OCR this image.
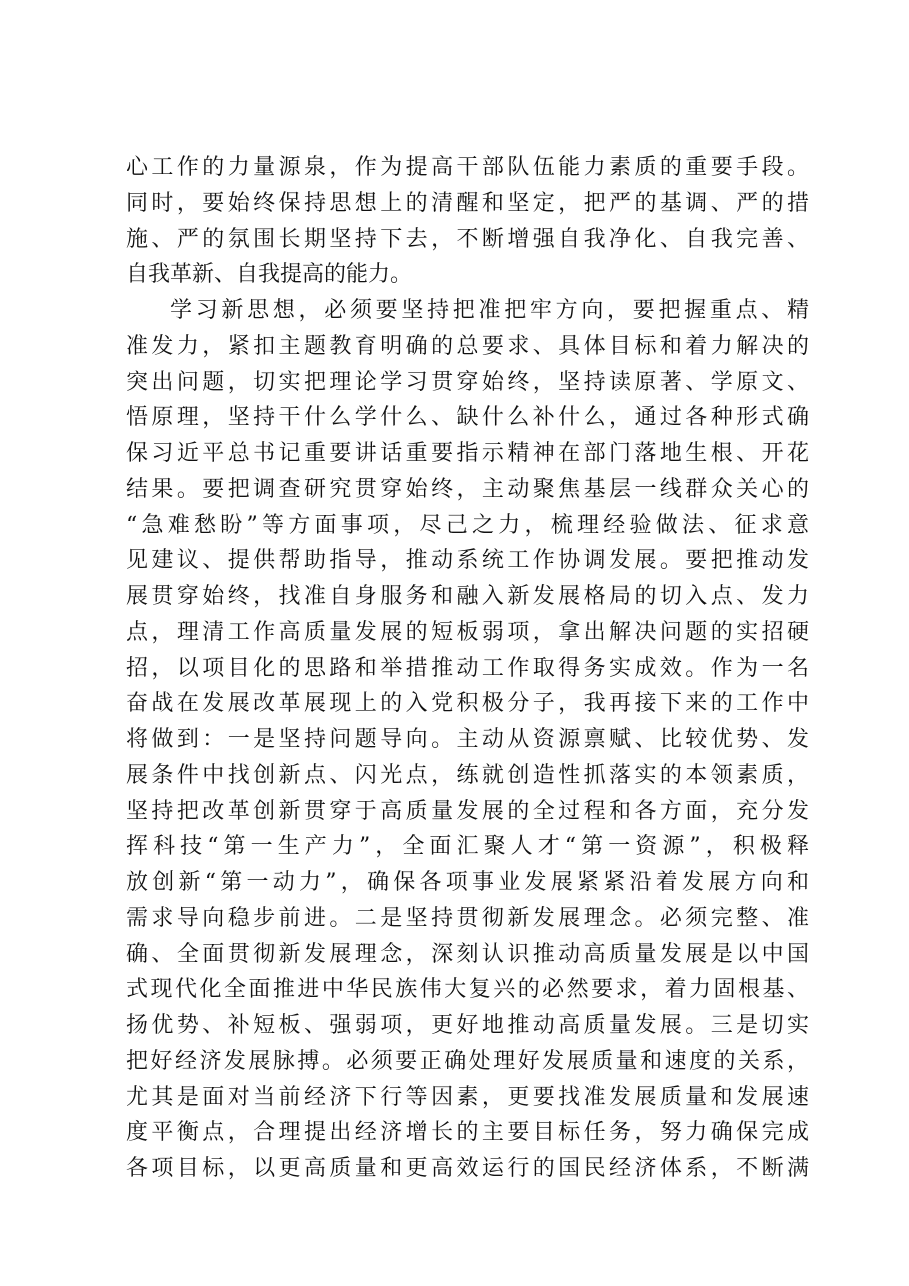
心工作的力量源泉，作为提高干部队伍能力素质的重要手段。
同时，要始终保持思想上的清醒和坚定，把严的基调、严的措
施、严的氛围长期坚持下去，不断增强自我净化、自我完善、
自我革新、自我提高的能力。
学习新思想，必须要坚持把准把牢方向，要把握重点、精
准发力，紧扣主题教育明确的总要求、具体目标和着力解决的
突出问题，切实把理论学习贯穿始终，坚持读原著、学原文、
悟原理，坚持干什么学什么、缺什么补什么，通过各种形式确
保习近平总书记重要讲话重要指示精神在部门落地生根、开花
结果。要把调查研究贯穿始终，主动聚焦基层一线群众关心的
“急难愁盼”等方面事项，尽己之力，梳理经验做法、征求意
见建议、提供帮助指导，推动系统工作协调发展。要把推动发
展贯穿始终，找准自身服务和融入新发展格局的切入点、发力
点，理清工作高质量发展的短板弱项，拿出解决问题的实招硬
招，以项目化的思路和举措推动工作取得务实成效。作为一名
奋战在发展改革展现上的入党积极分子，我再接下来的工作中
将做到：一是坚持问题导向。主动从资源禀赋、比较优势、发
展条件中找创新点、闪光点，练就创造性抓落实的本领素质，
坚持把改革创新贯穿于高质量发展的全过程和各方面，充分发
挥科技“第一生产力”，全面汇聚人才“第一资源”，积极释
放创新“第一动力”，确保各项事业发展紧紧沿着发展方向和
需求导向稳步前进。二是坚持贯彻新发展理念。必须完整、准
确、全面贯彻新发展理念，深刻认识推动高质量发展是以中国
式现代化全面推进中华民族伟大复兴的必然要求，着力固根基、
扬优势、补短板、强弱项，更好地推动高质量发展。三是切实
把好经济发展脉搏。必须要正确处理好发展质量和速度的关系，
尤其是面对当前经济下行等因素，更要找准发展质量和发展速
度平衡点，合理提出经济增长的主要目标任务，努力确保完成
各项目标，以更高质量和更高效运行的国民经济体系，不断满
